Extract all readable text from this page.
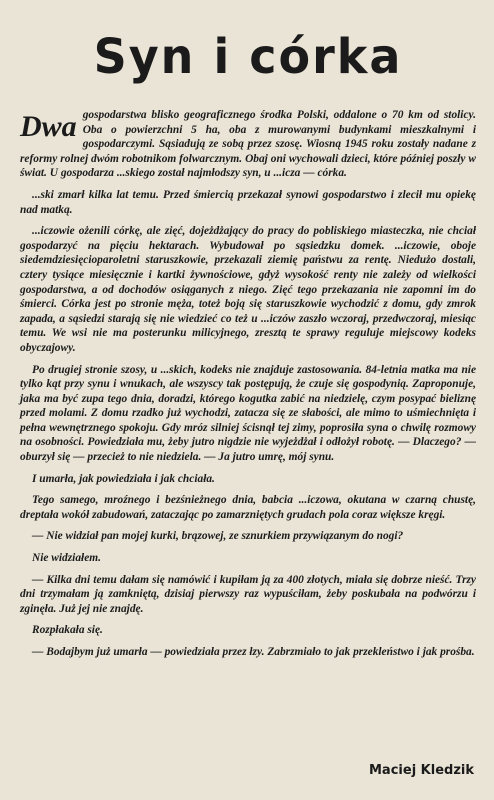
Syn i córka

Dwa gospodarstwa blisko geograficznego środka Polski, oddalone o 70 km od stolicy. Oba o powierzchni 5 ha, oba z murowanymi budynkami mieszkalnymi i gospodarczymi. Sąsiadują ze sobą przez szosę. Wiosną 1945 roku zostały nadane z reformy rolnej dwóm robotnikom folwarcznym. Obaj oni wychowali dzieci, które później poszły w świat. U gospodarza ...skiego został najmłodszy syn, u ...icza — córka.

...ski zmarł kilka lat temu. Przed śmiercią przekazał synowi gospodarstwo i zlecił mu opiekę nad matką.

...iczowie ożenili córkę, ale zięć, dojeżdżający do pracy do pobliskiego miasteczka, nie chciał gospodarzyć na pięciu hektarach. Wybudował po sąsiedzku domek. ...iczowie, oboje siedemdziesięcioparoletni staruszkowie, przekazali ziemię państwu za rentę. Niedużo dostali, cztery tysiące miesięcznie i kartki żywnościowe, gdyż wysokość renty nie zależy od wielkości gospodarstwa, a od dochodów osiąganych z niego. Zięć tego przekazania nie zapomni im do śmierci. Córka jest po stronie męża, toteż boją się staruszkowie wychodzić z domu, gdy zmrok zapada, a sąsiedzi starają się nie wiedzieć co też u ...iczów zaszło wczoraj, przedwczoraj, miesiąc temu. We wsi nie ma posterunku milicyjnego, zresztą te sprawy reguluje miejscowy kodeks obyczajowy.

Po drugiej stronie szosy, u ...skich, kodeks nie znajduje zastosowania. 84-letnia matka ma nie tylko kąt przy synu i wnukach, ale wszyscy tak postępują, że czuje się gospodynią. Zaproponuje, jaka ma być zupa tego dnia, doradzi, którego kogutka zabić na niedzielę, czym posypać bieliznę przed molami. Z domu rzadko już wychodzi, zatacza się ze słabości, ale mimo to uśmiechnięta i pełna wewnętrznego spokoju. Gdy mróz silniej ścisnął tej zimy, poprosiła syna o chwilę rozmowy na osobności. Powiedziała mu, żeby jutro nigdzie nie wyjeżdżał i odłożył robotę. — Dlaczego? — oburzył się — przecież to nie niedziela. — Ja jutro umrę, mój synu.

I umarła, jak powiedziała i jak chciała.

Tego samego, mroźnego i bezśnieżnego dnia, babcia ...iczowa, okutana w czarną chustę, dreptała wokół zabudowań, zataczając po zamarzniętych grudach pola coraz większe kręgi.

— Nie widział pan mojej kurki, brązowej, ze sznurkiem przywiązanym do nogi?

Nie widziałem.

— Kilka dni temu dałam się namówić i kupiłam ją za 400 złotych, miała się dobrze nieść. Trzy dni trzymałam ją zamkniętą, dzisiaj pierwszy raz wypuściłam, żeby poskubała na podwórzu i zginęła. Już jej nie znajdę.

Rozpłakała się.

— Bodajbym już umarła — powiedziała przez łzy. Zabrzmiało to jak przekleństwo i jak prośba.

Maciej Kledzik
